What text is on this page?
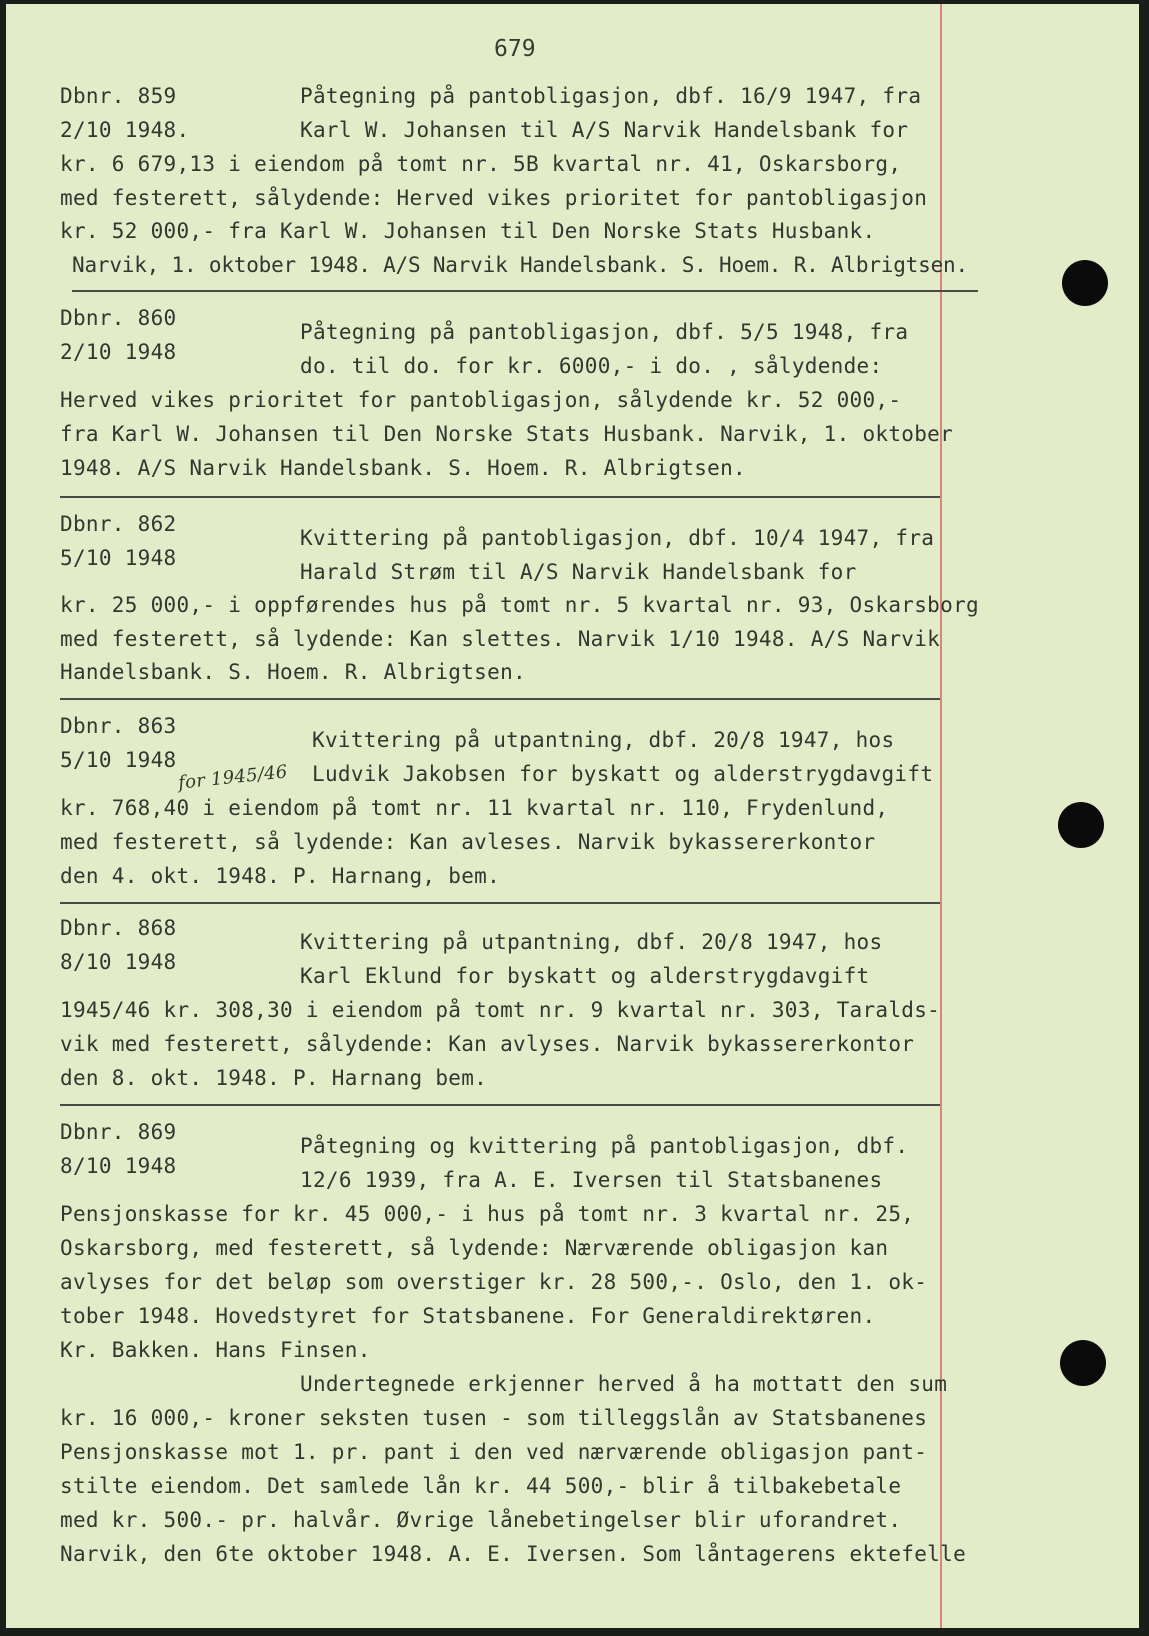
679
Dbnr. 859
2/10 1948.
Påtegning på pantobligasjon, dbf. 16/9 1947, fra
Karl W. Johansen til A/S Narvik Handelsbank for
kr. 6 679,13 i eiendom på tomt nr. 5B kvartal nr. 41, Oskarsborg,
med festerett, sålydende: Herved vikes prioritet for pantobligasjon
kr. 52 000,- fra Karl W. Johansen til Den Norske Stats Husbank.
Narvik, 1. oktober 1948. A/S Narvik Handelsbank. S. Hoem. R. Albrigtsen.
Dbnr. 860
2/10 1948
Påtegning på pantobligasjon, dbf. 5/5 1948, fra
do. til do. for kr. 6000,- i do. , sålydende:
Herved vikes prioritet for pantobligasjon, sålydende kr. 52 000,-
fra Karl W. Johansen til Den Norske Stats Husbank. Narvik, 1. oktober
1948. A/S Narvik Handelsbank. S. Hoem. R. Albrigtsen.
Dbnr. 862
5/10 1948
Kvittering på pantobligasjon, dbf. 10/4 1947, fra
Harald Strøm til A/S Narvik Handelsbank for
kr. 25 000,- i oppførendes hus på tomt nr. 5 kvartal nr. 93, Oskarsborg
med festerett, så lydende: Kan slettes. Narvik 1/10 1948. A/S Narvik
Handelsbank. S. Hoem. R. Albrigtsen.
Dbnr. 863
5/10 1948
for 1945/46
Kvittering på utpantning, dbf. 20/8 1947, hos
Ludvik Jakobsen for byskatt og alderstrygdavgift
kr. 768,40 i eiendom på tomt nr. 11 kvartal nr. 110, Frydenlund,
med festerett, så lydende: Kan avleses. Narvik bykassererkontor
den 4. okt. 1948. P. Harnang, bem.
Dbnr. 868
8/10 1948
Kvittering på utpantning, dbf. 20/8 1947, hos
Karl Eklund for byskatt og alderstrygdavgift
1945/46 kr. 308,30 i eiendom på tomt nr. 9 kvartal nr. 303, Taralds-
vik med festerett, sålydende: Kan avlyses. Narvik bykassererkontor
den 8. okt. 1948. P. Harnang bem.
Dbnr. 869
8/10 1948
Påtegning og kvittering på pantobligasjon, dbf.
12/6 1939, fra A. E. Iversen til Statsbanenes
Pensjonskasse for kr. 45 000,- i hus på tomt nr. 3 kvartal nr. 25,
Oskarsborg, med festerett, så lydende: Nærværende obligasjon kan
avlyses for det beløp som overstiger kr. 28 500,-. Oslo, den 1. ok-
tober 1948. Hovedstyret for Statsbanene. For Generaldirektøren.
Kr. Bakken. Hans Finsen.
Undertegnede erkjenner herved å ha mottatt den sum
kr. 16 000,- kroner seksten tusen - som tilleggslån av Statsbanenes
Pensjonskasse mot 1. pr. pant i den ved nærværende obligasjon pant-
stilte eiendom. Det samlede lån kr. 44 500,- blir å tilbakebetale
med kr. 500.- pr. halvår. Øvrige lånebetingelser blir uforandret.
Narvik, den 6te oktober 1948. A. E. Iversen. Som låntagerens ektefelle
